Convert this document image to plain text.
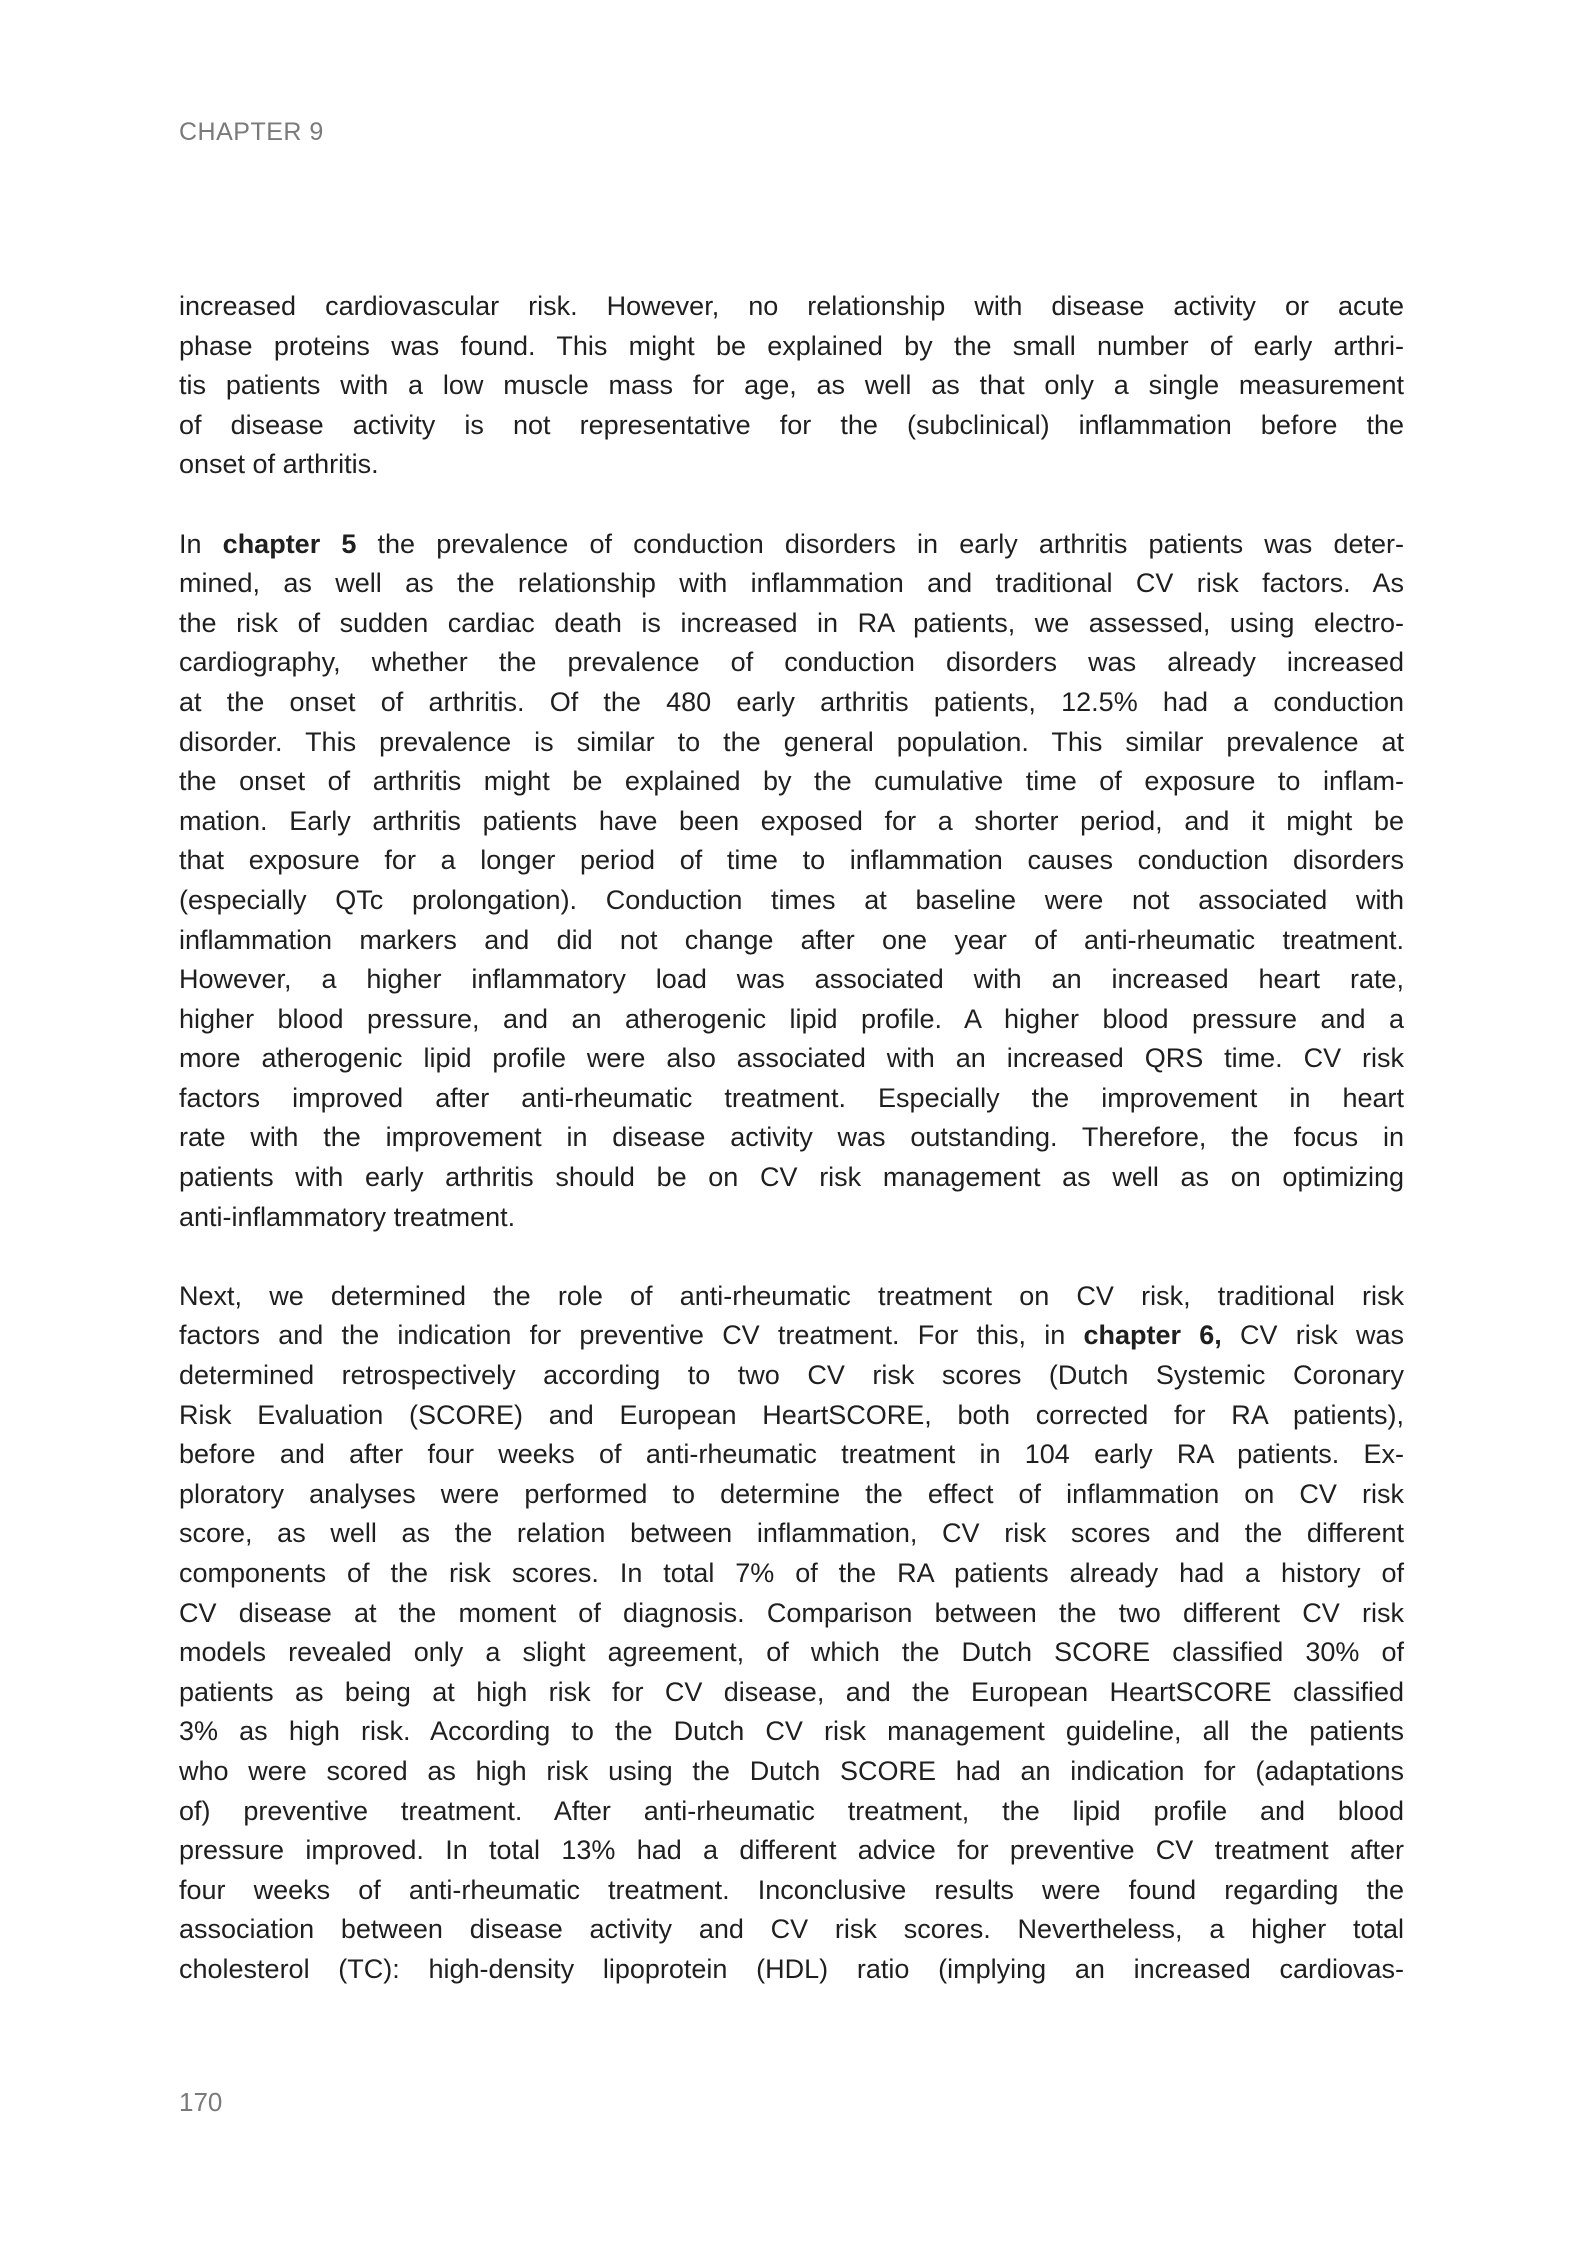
CHAPTER 9
increased cardiovascular risk. However, no relationship with disease activity or acute
phase proteins was found. This might be explained by the small number of early arthri-
tis patients with a low muscle mass for age, as well as that only a single measurement
of disease activity is not representative for the (subclinical) inflammation before the
onset of arthritis.
In chapter 5 the prevalence of conduction disorders in early arthritis patients was deter-
mined, as well as the relationship with inflammation and traditional CV risk factors. As
the risk of sudden cardiac death is increased in RA patients, we assessed, using electro-
cardiography, whether the prevalence of conduction disorders was already increased
at the onset of arthritis. Of the 480 early arthritis patients, 12.5% had a conduction
disorder. This prevalence is similar to the general population. This similar prevalence at
the onset of arthritis might be explained by the cumulative time of exposure to inflam-
mation. Early arthritis patients have been exposed for a shorter period, and it might be
that exposure for a longer period of time to inflammation causes conduction disorders
(especially QTc prolongation). Conduction times at baseline were not associated with
inflammation markers and did not change after one year of anti-rheumatic treatment.
However, a higher inflammatory load was associated with an increased heart rate,
higher blood pressure, and an atherogenic lipid profile. A higher blood pressure and a
more atherogenic lipid profile were also associated with an increased QRS time. CV risk
factors improved after anti-rheumatic treatment. Especially the improvement in heart
rate with the improvement in disease activity was outstanding. Therefore, the focus in
patients with early arthritis should be on CV risk management as well as on optimizing
anti-inflammatory treatment.
Next, we determined the role of anti-rheumatic treatment on CV risk, traditional risk
factors and the indication for preventive CV treatment. For this, in chapter 6, CV risk was
determined retrospectively according to two CV risk scores (Dutch Systemic Coronary
Risk Evaluation (SCORE) and European HeartSCORE, both corrected for RA patients),
before and after four weeks of anti-rheumatic treatment in 104 early RA patients. Ex-
ploratory analyses were performed to determine the effect of inflammation on CV risk
score, as well as the relation between inflammation, CV risk scores and the different
components of the risk scores. In total 7% of the RA patients already had a history of
CV disease at the moment of diagnosis. Comparison between the two different CV risk
models revealed only a slight agreement, of which the Dutch SCORE classified 30% of
patients as being at high risk for CV disease, and the European HeartSCORE classified
3% as high risk. According to the Dutch CV risk management guideline, all the patients
who were scored as high risk using the Dutch SCORE had an indication for (adaptations
of) preventive treatment. After anti-rheumatic treatment, the lipid profile and blood
pressure improved. In total 13% had a different advice for preventive CV treatment after
four weeks of anti-rheumatic treatment. Inconclusive results were found regarding the
association between disease activity and CV risk scores. Nevertheless, a higher total
cholesterol (TC): high-density lipoprotein (HDL) ratio (implying an increased cardiovas-
170
